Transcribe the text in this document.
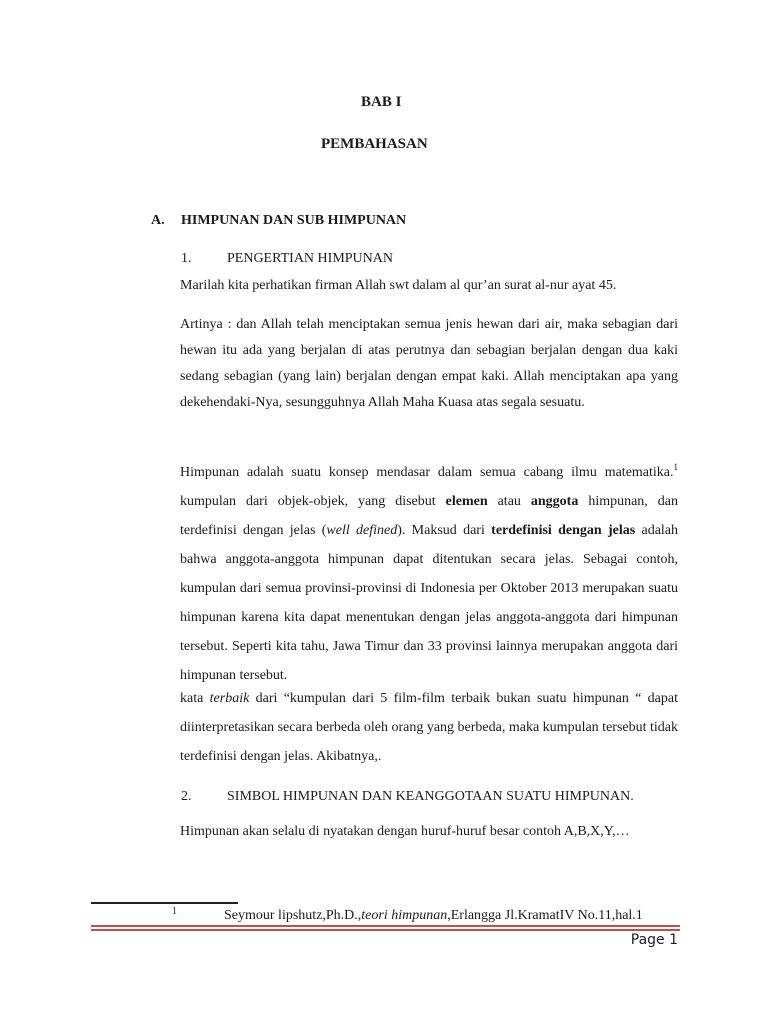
BAB I
PEMBAHASAN
A. HIMPUNAN DAN SUB HIMPUNAN
1.	PENGERTIAN HIMPUNAN
Marilah kita perhatikan firman Allah swt dalam al qur’an surat al-nur ayat 45.
Artinya : dan Allah telah menciptakan semua jenis hewan dari air, maka sebagian dari hewan itu ada yang berjalan di atas perutnya dan sebagian berjalan dengan dua kaki sedang sebagian (yang lain) berjalan dengan empat kaki. Allah menciptakan apa yang dekehendaki-Nya, sesungguhnya Allah Maha Kuasa atas segala sesuatu.
Himpunan adalah suatu konsep mendasar dalam semua cabang ilmu matematika.$^1$ kumpulan dari objek-objek, yang disebut elemen atau anggota himpunan, dan terdefinisi dengan jelas (well defined). Maksud dari terdefinisi dengan jelas adalah bahwa anggota-anggota himpunan dapat ditentukan secara jelas. Sebagai contoh, kumpulan dari semua provinsi-provinsi di Indonesia per Oktober 2013 merupakan suatu himpunan karena kita dapat menentukan dengan jelas anggota-anggota dari himpunan tersebut. Seperti kita tahu, Jawa Timur dan 33 provinsi lainnya merupakan anggota dari himpunan tersebut.
kata terbaik dari “kumpulan dari 5 film-film terbaik bukan suatu himpunan “ dapat diinterpretasikan secara berbeda oleh orang yang berbeda, maka kumpulan tersebut tidak terdefinisi dengan jelas. Akibatnya,.
2.	SIMBOL HIMPUNAN DAN KEANGGOTAAN SUATU HIMPUNAN.
Himpunan akan selalu di nyatakan dengan huruf-huruf besar contoh A,B,X,Y,…
1	Seymour lipshutz,Ph.D.,teori himpunan,Erlangga Jl.KramatIV No.11,hal.1
Page 1
